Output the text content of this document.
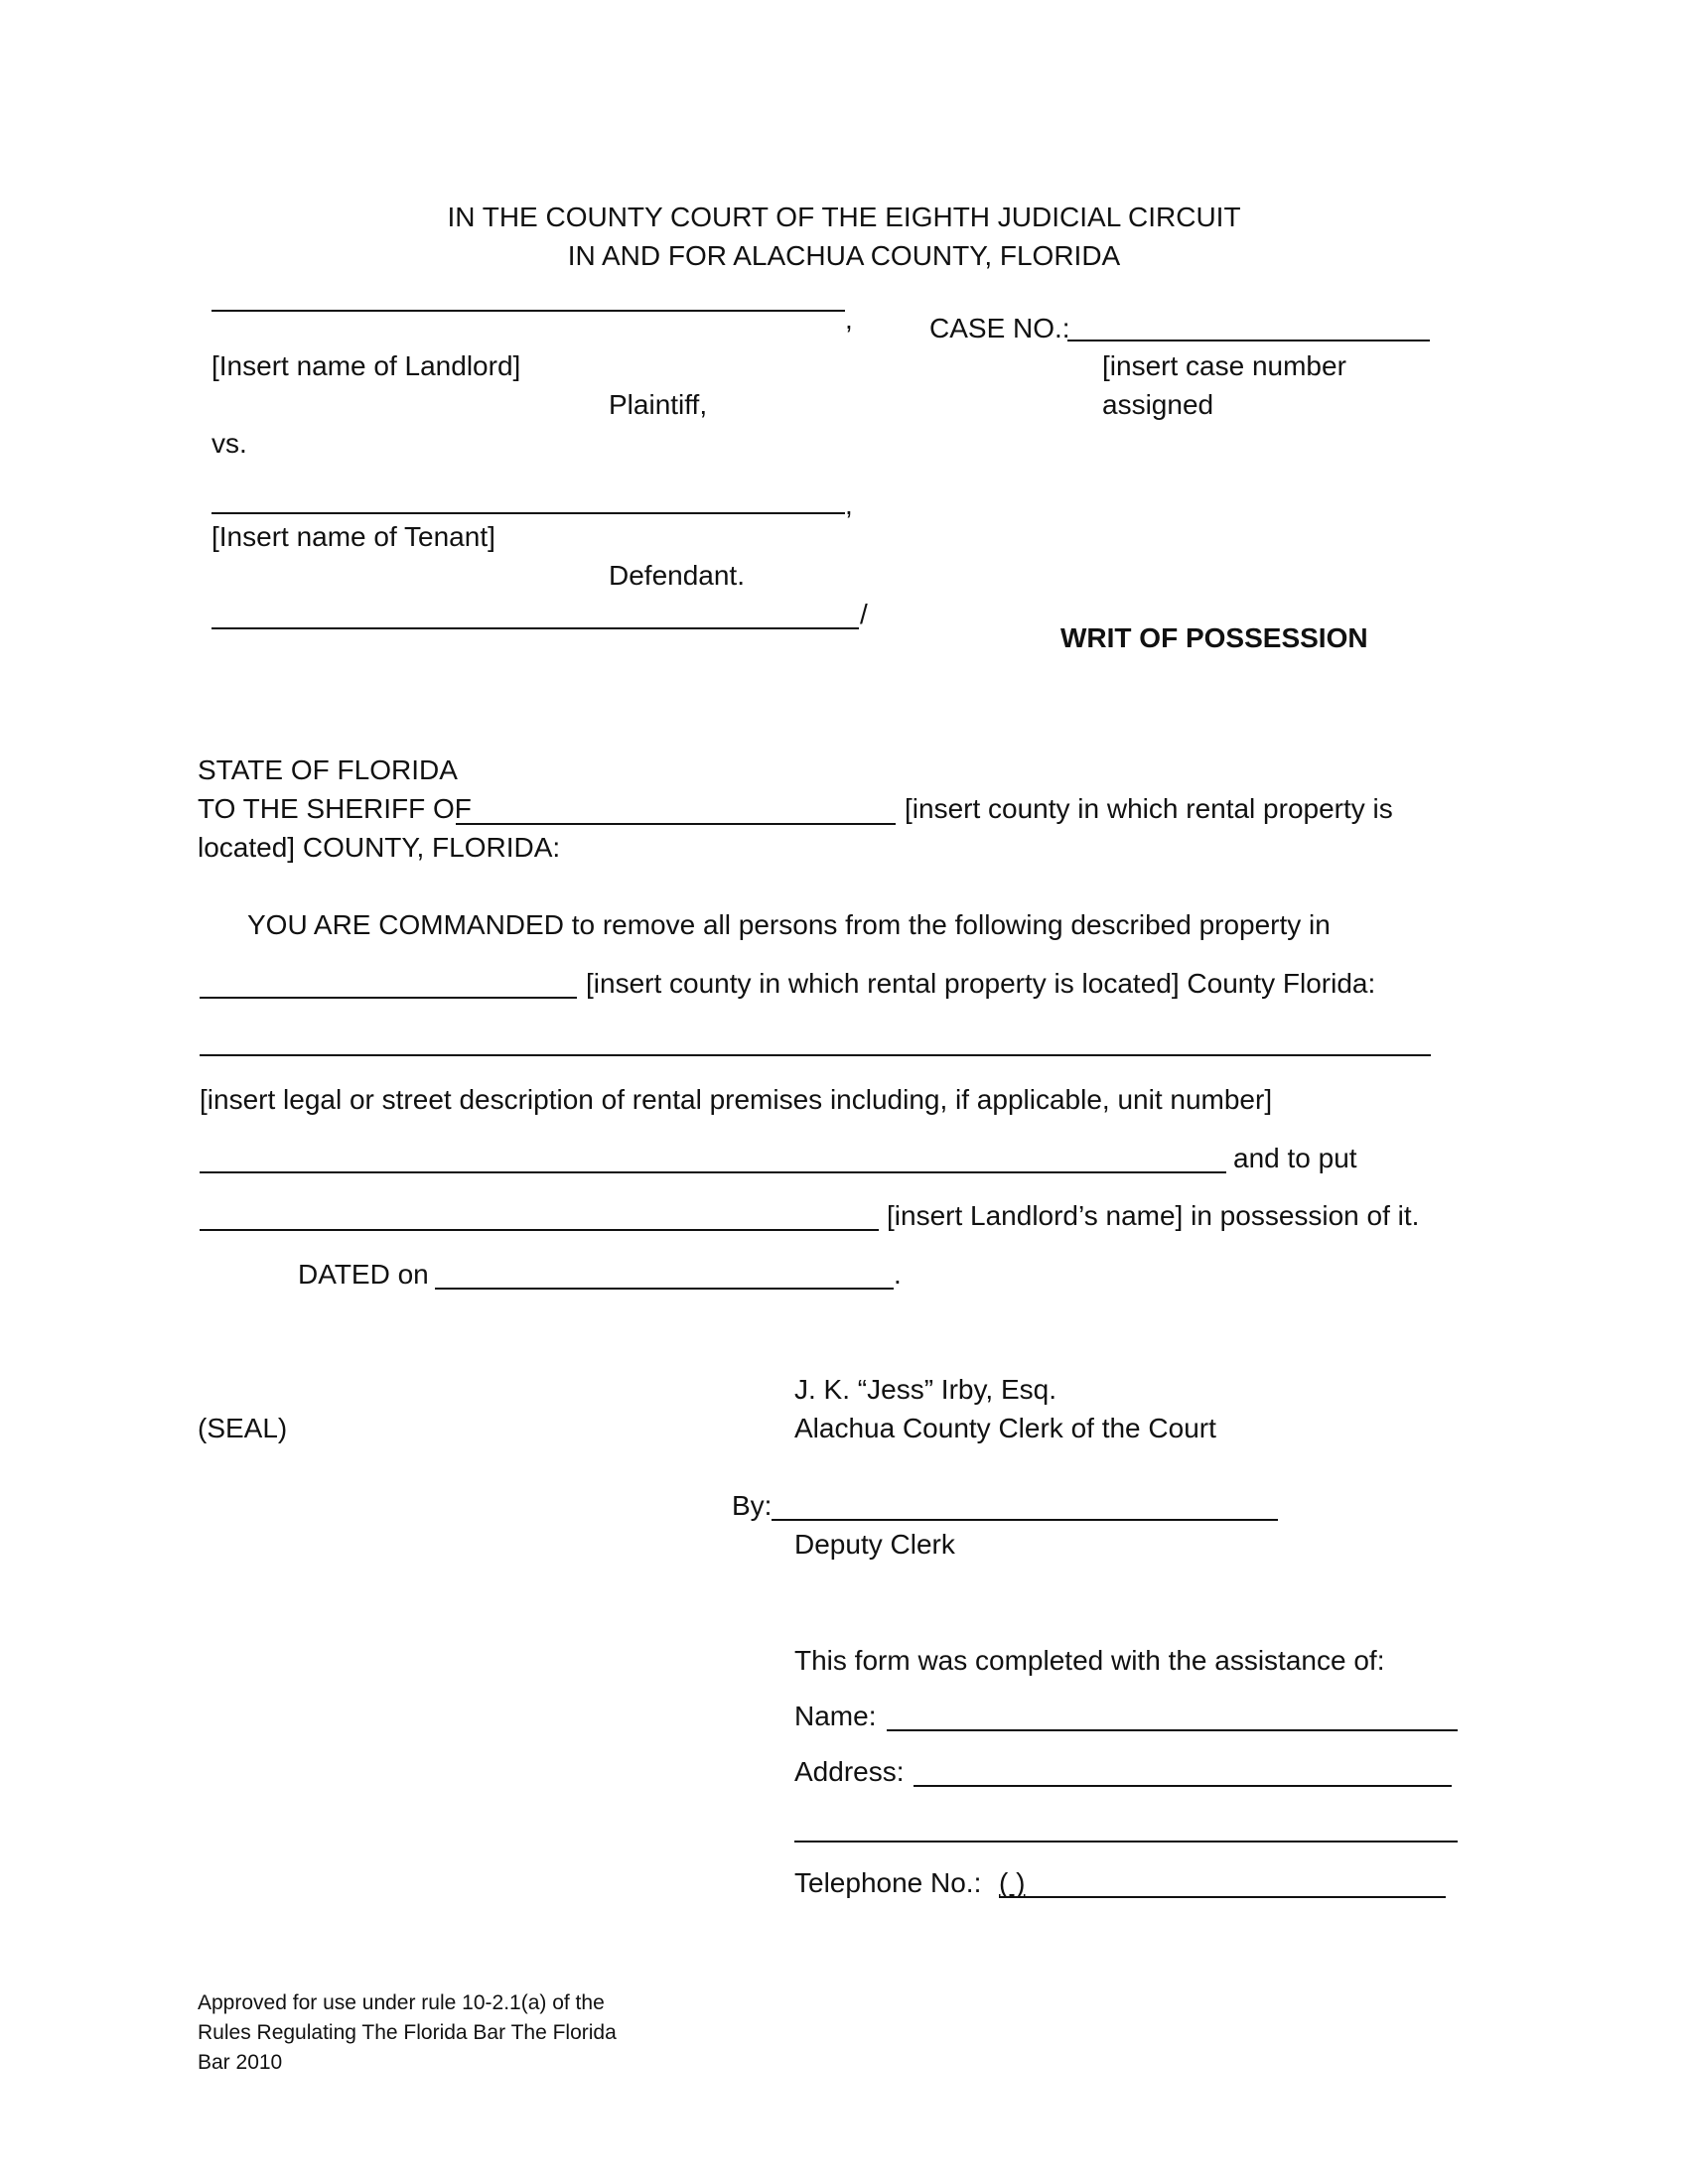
IN THE COUNTY COURT OF THE EIGHTH JUDICIAL CIRCUIT
IN AND FOR ALACHUA COUNTY, FLORIDA
,
[Insert name of Landlord]
Plaintiff,
vs.
,
[Insert name of Tenant]
Defendant.
/
CASE NO.:
[insert case number
assigned
WRIT OF POSSESSION
STATE OF FLORIDA
TO THE SHERIFF OF	[insert county in which rental property is
located] COUNTY, FLORIDA:
YOU ARE COMMANDED to remove all persons from the following described property in
[insert county in which rental property is located] County Florida:
[insert legal or street description of rental premises including, if applicable, unit number]
and to put
[insert Landlord’s name] in possession of it.
DATED on	.
J. K. “Jess” Irby, Esq.
Alachua County Clerk of the Court
(SEAL)
By:
Deputy Clerk
This form was completed with the assistance of:
Name:
Address:
Telephone No.: ( )
Approved for use under rule 10-2.1(a) of the
Rules Regulating The Florida Bar The Florida
Bar 2010
